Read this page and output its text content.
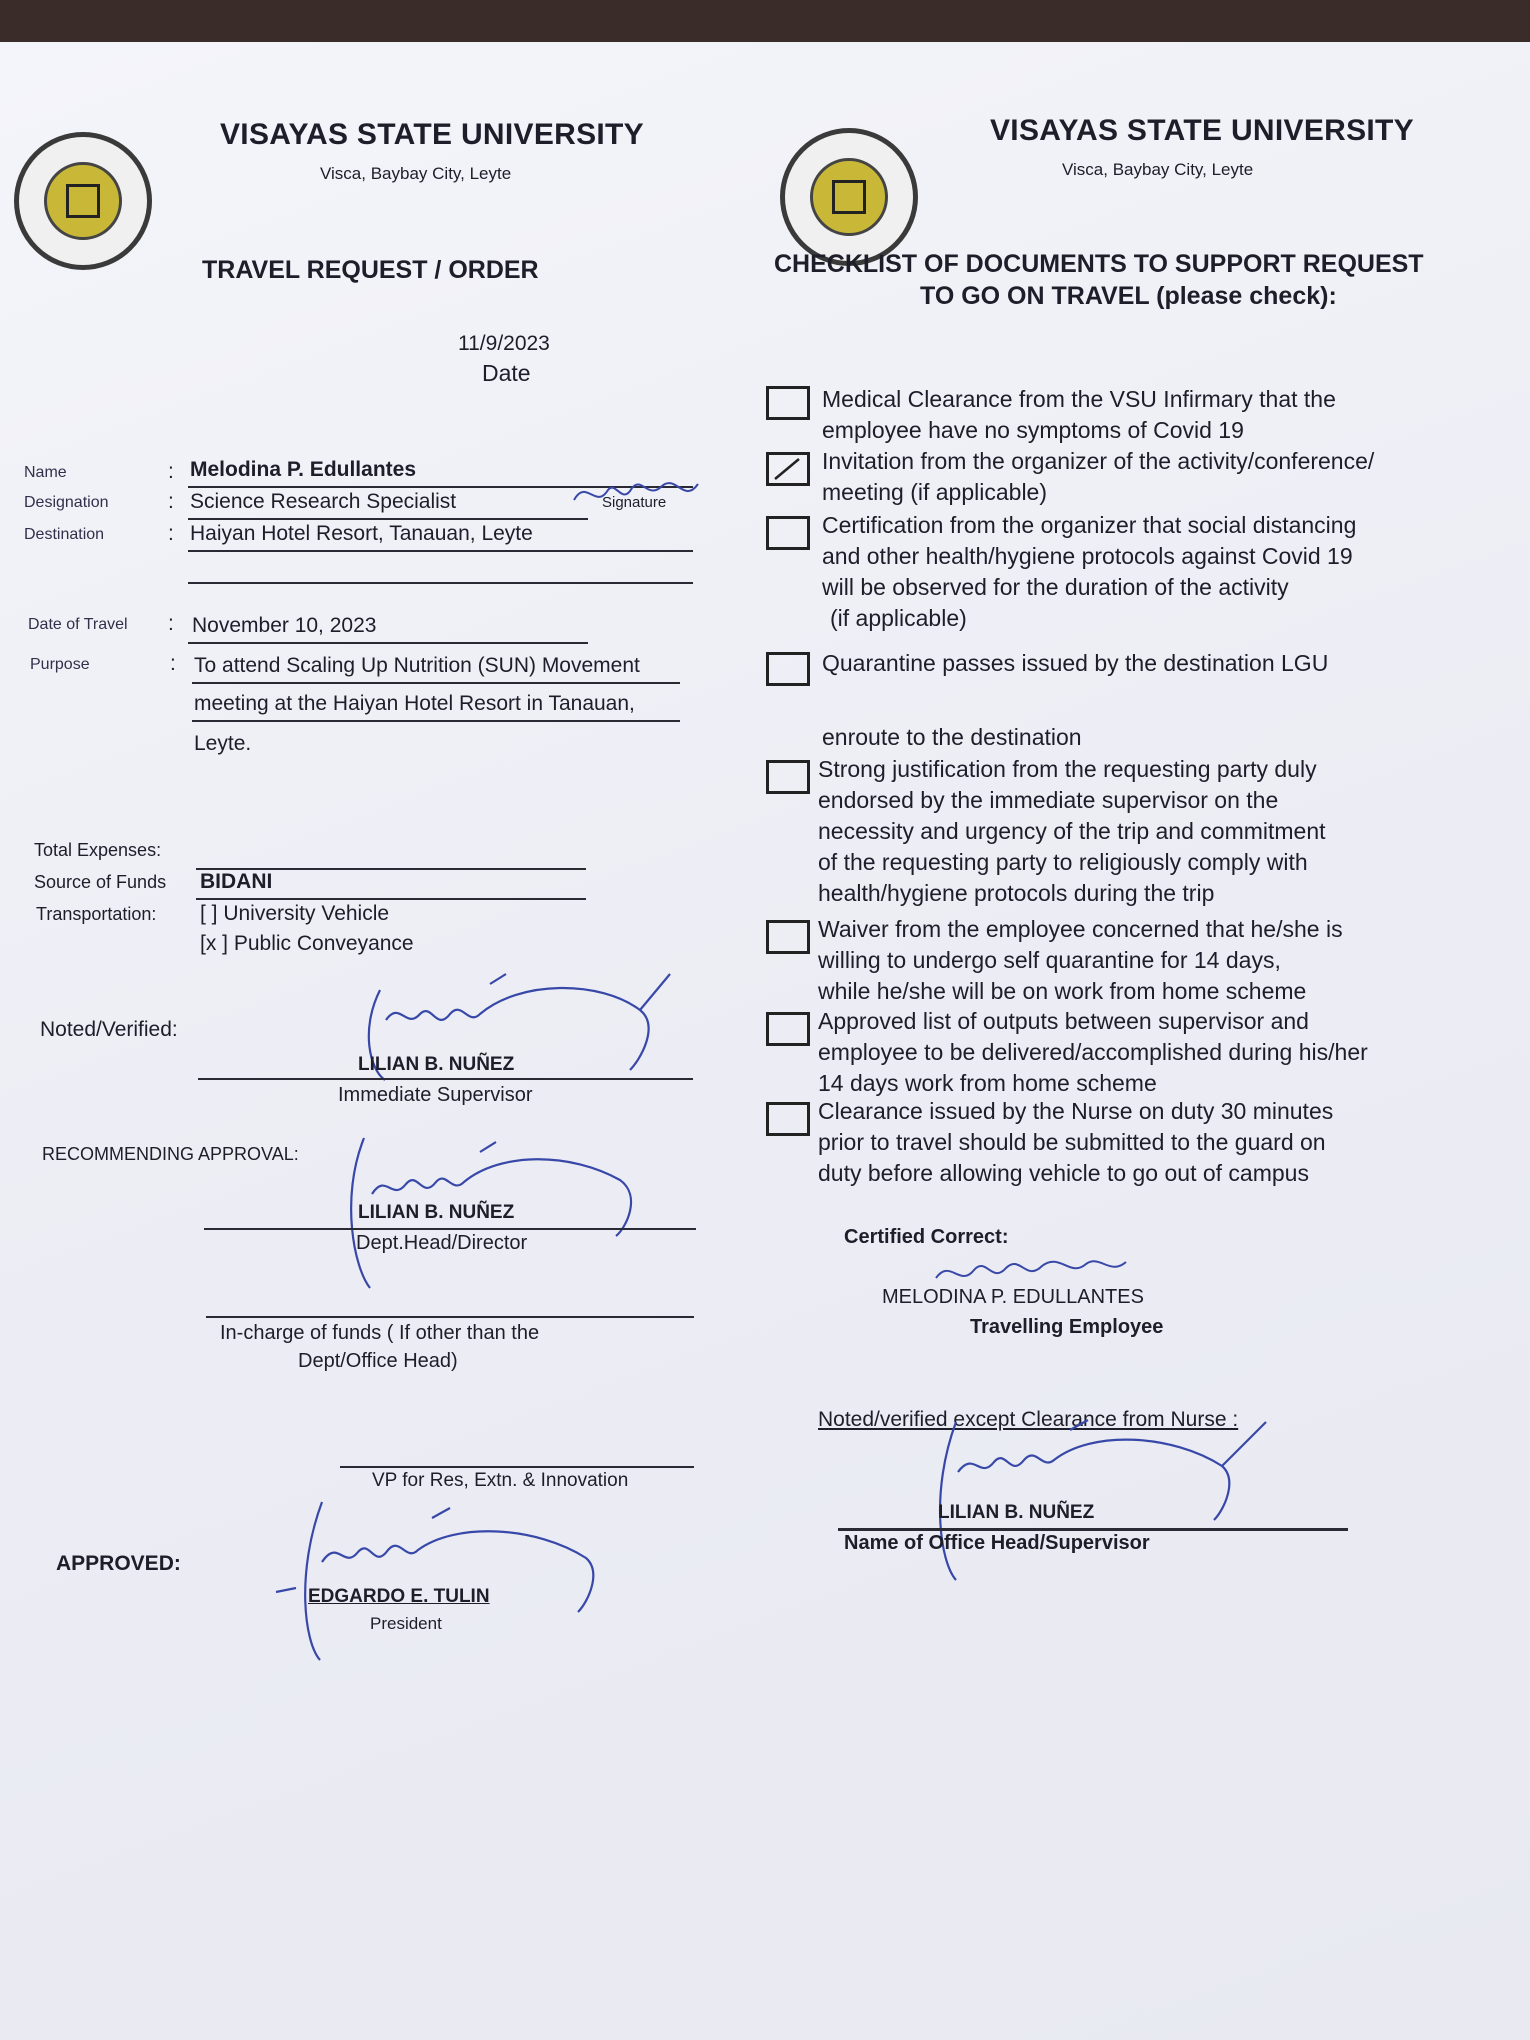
VISAYAS STATE UNIVERSITY
Visca, Baybay City, Leyte
TRAVEL REQUEST / ORDER
11/9/2023
Date
Name	: Melodina P. Edullantes
Signature
Designation	: Science Research Specialist
Destination	: Haiyan Hotel Resort, Tanauan, Leyte
Date of Travel : November 10, 2023
Purpose	: To attend Scaling Up Nutrition (SUN) Movement
meeting at the Haiyan Hotel Resort in Tanauan,
Leyte.
Total Expenses:
Source of Funds BIDANI
Transportation: [ ] University Vehicle
[x ] Public Conveyance
Noted/Verified:
LILIAN B. NUÑEZ
Immediate Supervisor
RECOMMENDING APPROVAL:
LILIAN B. NUÑEZ
Dept.Head/Director
In-charge of funds ( If other than the
Dept/Office Head)
VP for Res, Extn. & Innovation
APPROVED:
EDGARDO E. TULIN
President
VISAYAS STATE UNIVERSITY
Visca, Baybay City, Leyte
CHECKLIST OF DOCUMENTS TO SUPPORT REQUEST
TO GO ON TRAVEL (please check):
Medical Clearance from the VSU Infirmary that the
employee have no symptoms of Covid 19
Invitation from the organizer of the activity/conference/
meeting (if applicable)
Certification from the organizer that social distancing
and other health/hygiene protocols against Covid 19
will be observed for the duration of the activity
(if applicable)
Quarantine passes issued by the destination LGU
enroute to the destination
Strong justification from the requesting party duly
endorsed by the immediate supervisor on the
necessity and urgency of the trip and commitment
of the requesting party to religiously comply with
health/hygiene protocols during the trip
Waiver from the employee concerned that he/she is
willing to undergo self quarantine for 14 days,
while he/she will be on work from home scheme
Approved list of outputs between supervisor and
employee to be delivered/accomplished during his/her
14 days work from home scheme
Clearance issued by the Nurse on duty 30 minutes
prior to travel should be submitted to the guard on
duty before allowing vehicle to go out of campus
Certified Correct:
MELODINA P. EDULLANTES
Travelling Employee
Noted/verified except Clearance from Nurse :
LILIAN B. NUÑEZ
Name of Office Head/Supervisor
